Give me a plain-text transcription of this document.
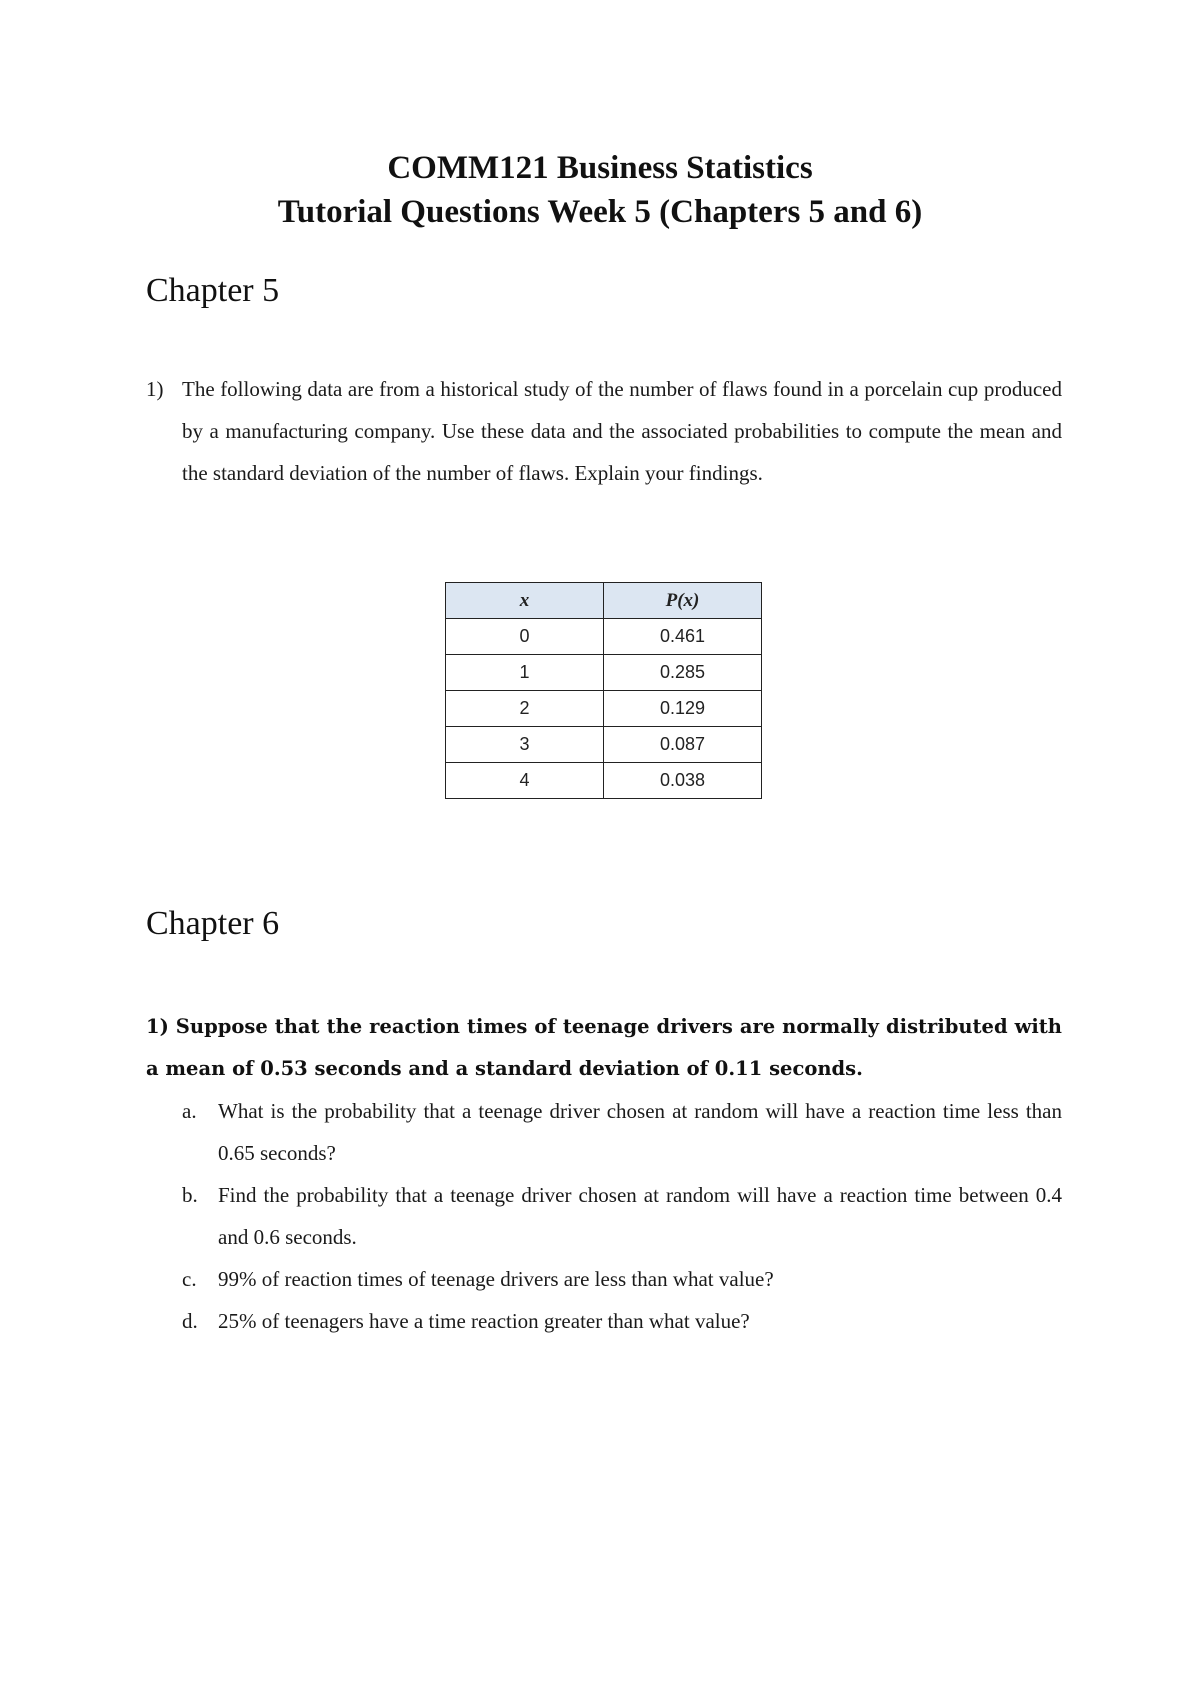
COMM121 Business Statistics
Tutorial Questions Week 5 (Chapters 5 and 6)
Chapter 5
1) The following data are from a historical study of the number of flaws found in a porcelain cup produced by a manufacturing company. Use these data and the associated probabilities to compute the mean and the standard deviation of the number of flaws. Explain your findings.
x	P(x)
0	0.461
1	0.285
2	0.129
3	0.087
4	0.038
Chapter 6
1) Suppose that the reaction times of teenage drivers are normally distributed with a mean of 0.53 seconds and a standard deviation of 0.11 seconds.
a.	What is the probability that a teenage driver chosen at random will have a reaction time less than 0.65 seconds?
b. Find the probability that a teenage driver chosen at random will have a reaction time between 0.4 and 0.6 seconds.
c.	99% of reaction times of teenage drivers are less than what value?
d. 25% of teenagers have a time reaction greater than what value?
